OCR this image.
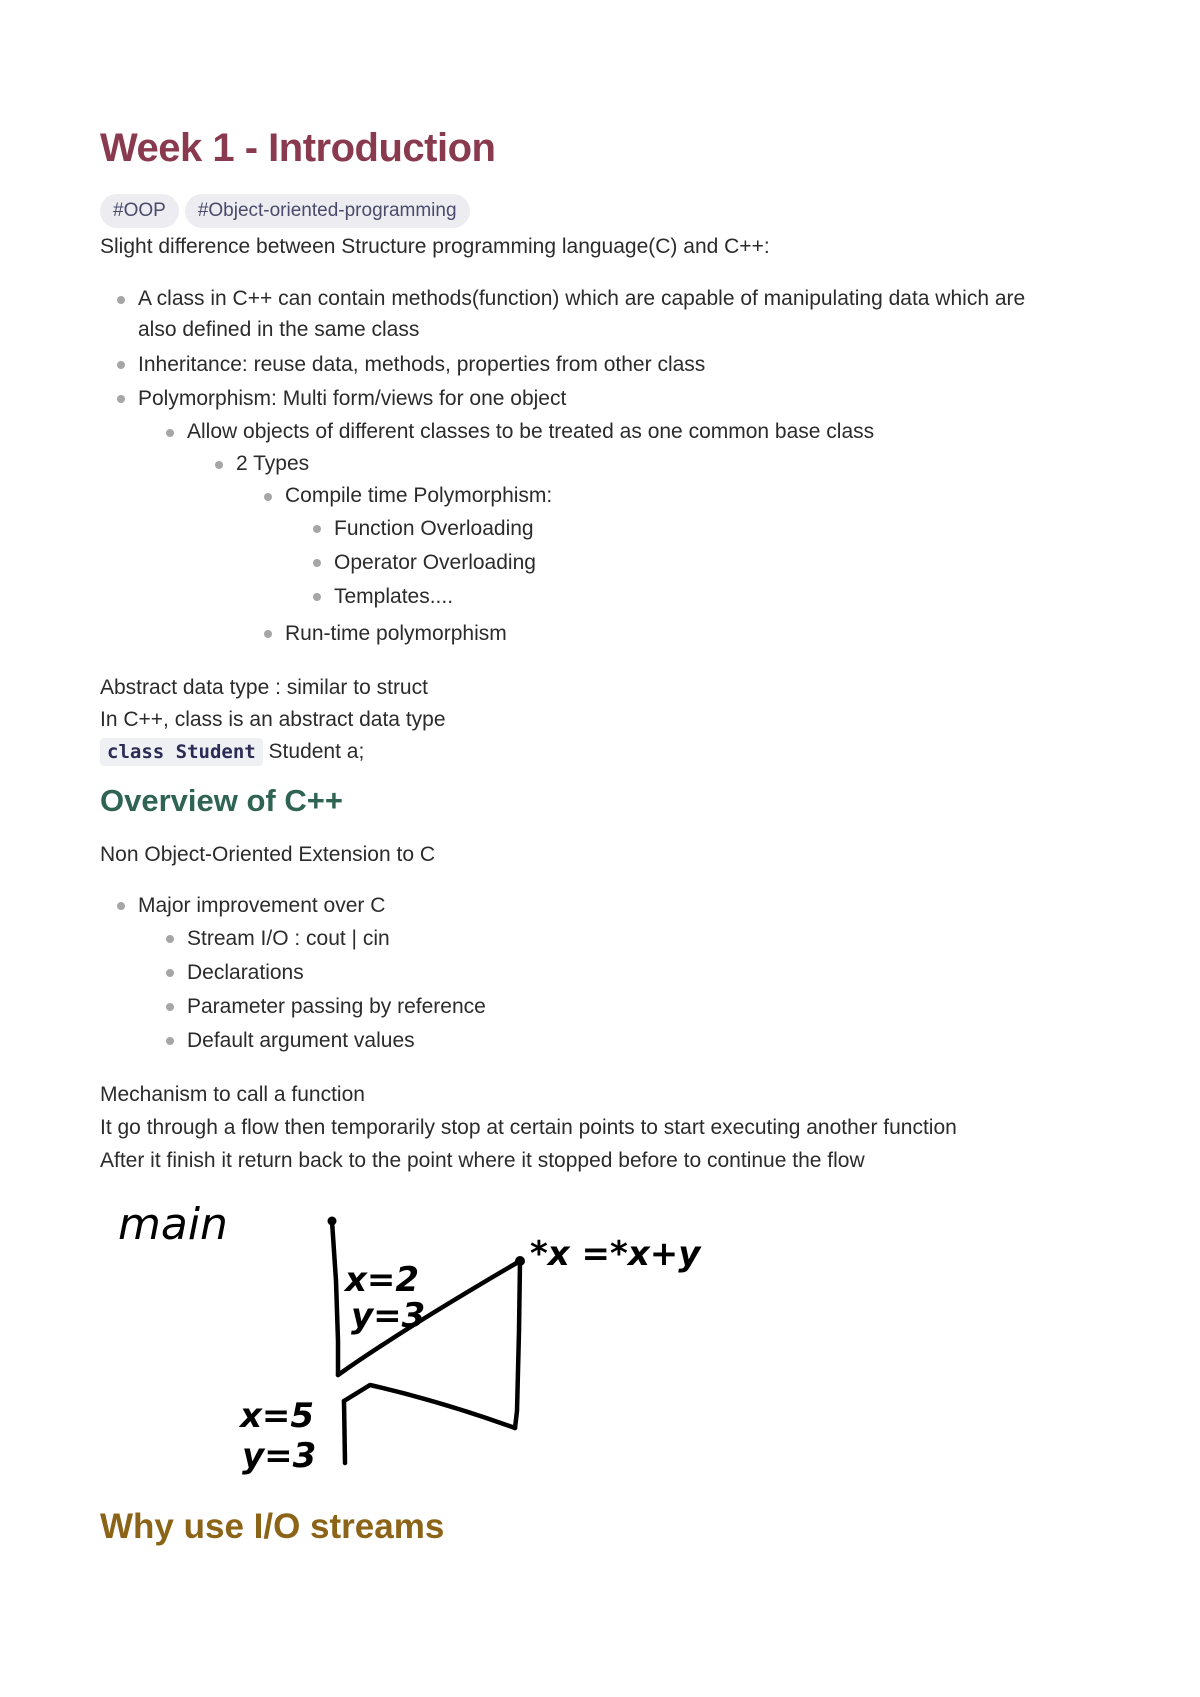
Week 1 - Introduction
#OOP	#Object-oriented-programming

Slight difference between Structure programming language(C) and C++:

A class in C++ can contain methods(function) which are capable of manipulating data which are
also defined in the same class
Inheritance: reuse data, methods, properties from other class
Polymorphism: Multi form/views for one object
Allow objects of different classes to be treated as one common base class
2 Types
Compile time Polymorphism:
Function Overloading
Operator Overloading
Templates....
Run-time polymorphism

Abstract data type : similar to struct

In C++, class is an abstract data type

class Student Student a;

Overview of C++

Non Object-Oriented Extension to C

Major improvement over C
Stream I/O : cout | cin
Declarations
Parameter passing by reference
Default argument values

Mechanism to call a function

It go through a flow then temporarily stop at certain points to start executing another function

After it finish it return back to the point where it stopped before to continue the flow

main
x=2
y=3
x=5
y=3
*x =*x+y
Why use I/O streams
